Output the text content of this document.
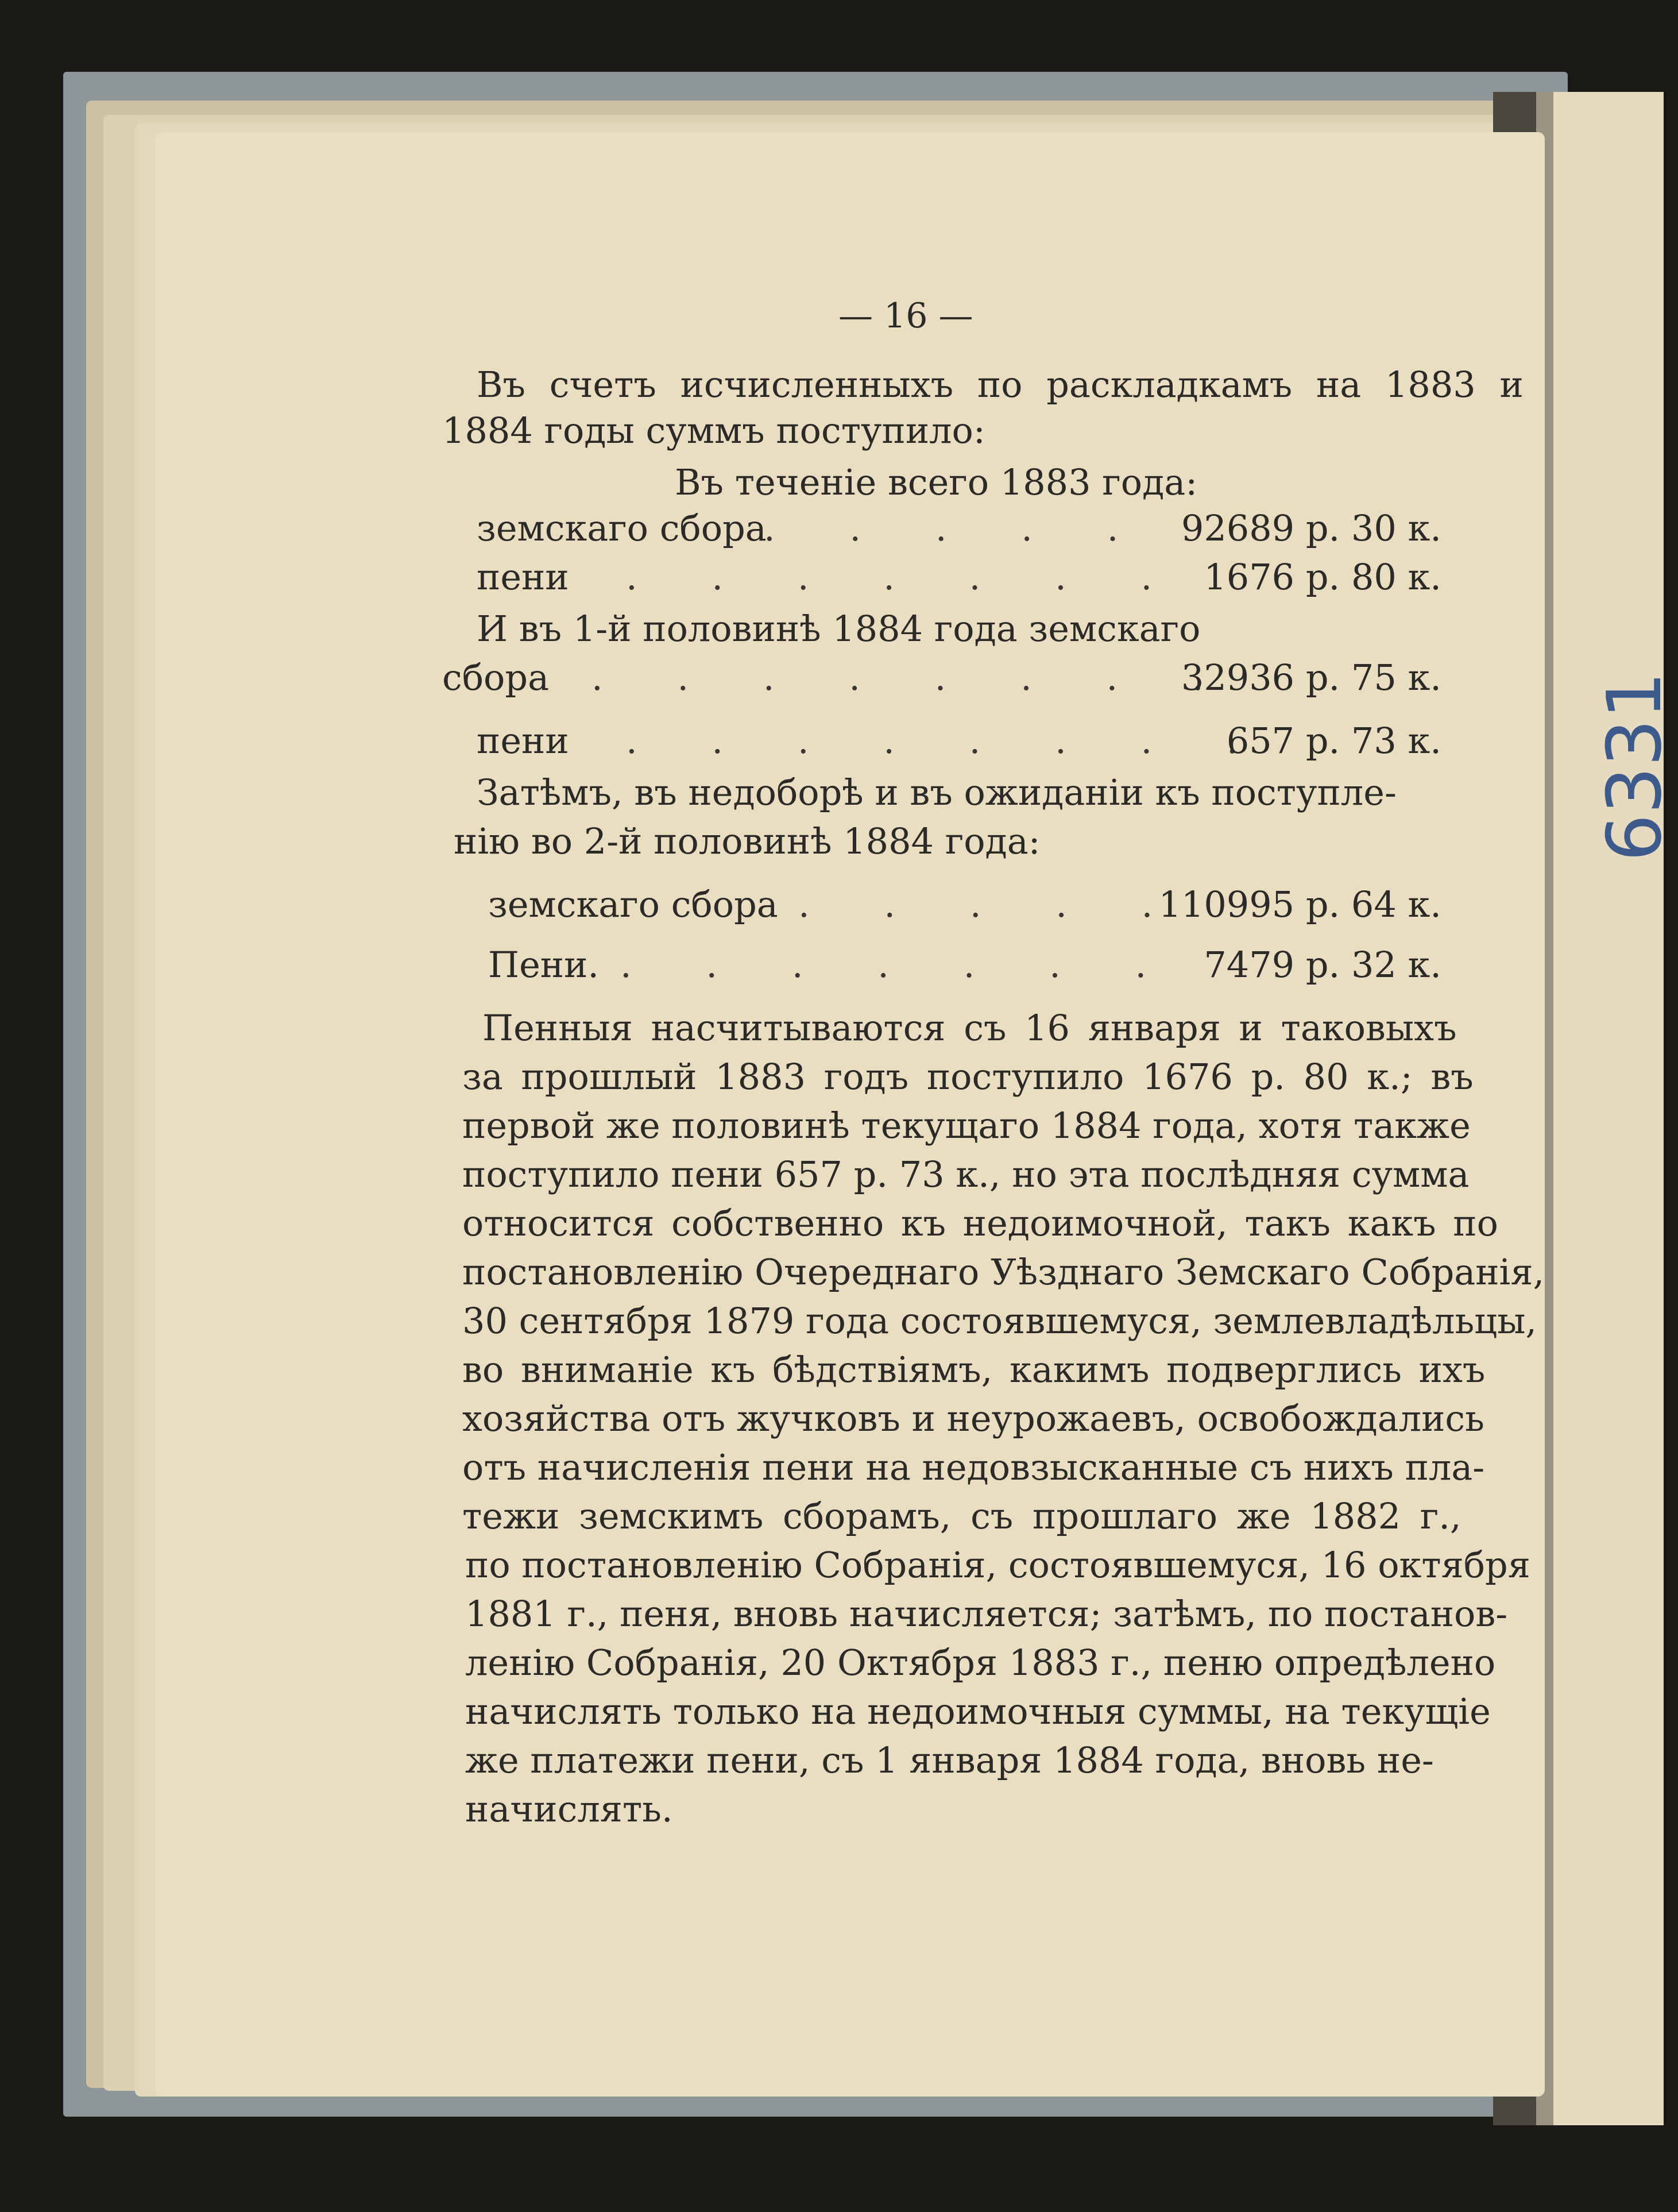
— 16 —
Въ счетъ исчисленныхъ по раскладкамъ на 1883 и
1884 годы суммъ поступило:
Въ теченіе всего 1883 года:
земскаго сбора
. . . . . 92689 р. 30 к.
пени . . . . . . . 1676 р. 80 к.
И въ 1-й половинѣ 1884 года земскаго
сбора . . . . . . . .
32936 р. 75 к.
пени . . . . . . . .
657 р. 73 к.
Затѣмъ, въ недоборѣ и въ ожиданіи къ поступле-
нію во 2-й половинѣ 1884 года:
земскаго сбора . . . . .
110995 р. 64 к.
Пени. . . . . . . . 7479 р. 32 к.
Пенныя насчитываются съ 16 января и таковыхъ
за прошлый 1883 годъ поступило 1676 р. 80 к.; въ
первой же половинѣ текущаго 1884 года, хотя также
поступило пени 657 р. 73 к., но эта послѣдняя сумма
относится собственно къ недоимочной, такъ какъ по
постановленію Очереднаго Уѣзднаго Земскаго Собранія,
30 сентября 1879 года состоявшемуся, землевладѣльцы,
во вниманіе къ бѣдствіямъ, какимъ подверглись ихъ
хозяйства отъ жучковъ и неурожаевъ, освобождались
отъ начисленія пени на недовзысканные съ нихъ пла-
тежи земскимъ сборамъ, съ прошлаго же 1882 г.,
по постановленію Собранія, состоявшемуся, 16 октября
1881 г., пеня, вновь начисляется; затѣмъ, по постанов-
ленію Собранія, 20 Октября 1883 г., пеню опредѣлено
начислять только на недоимочныя суммы, на текущіе
же платежи пени, съ 1 января 1884 года, вновь не-
начислять.
6331
